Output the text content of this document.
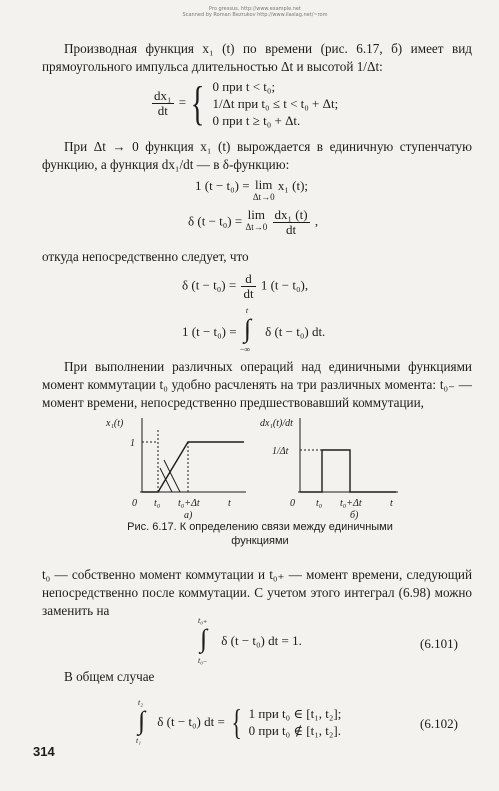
Pro gressus, http://www.example.net
Scanned by Roman Bezrukov http://www.ilaslag.net/~rom
Производная функция x₁ (t) по времени (рис. 6.17, б) имеет вид прямоугольного импульса длительностью Δt и высотой 1/Δt:
$\frac{\text{dx₁}}{dt}$ ={ 0 при t < t₀;
1/Δt при t₀ ≤ t < t₀ + Δt;
0 при t ≥ t₀ + Δt.
При Δt → 0 функция x₁ (t) вырождается в единичную ступенчатую функцию, а функция dx₁/dt — в δ-функцию:
1 (t − t₀) = lim
Δt→0
x₁ (t);
δ (t − t₀) = lim
Δt→0
$\frac{\text{dx₁ (t)}}{dt}$ ,
откуда непосредственно следует, что
δ $(t - t_0) = \frac{d}{dt} 1$ (t − t₀),
1 (t − t₀) =
t
∫
−∞
δ (t − t₀) dt.
При выполнении различных операций над единичными функциями момент коммутации t₀ удобно расчленять на три различных момента: t₀₋ — момент времени, непосредственно предшествовавший коммутации,
x₁(t)
1
0 t₀ t₀+Δt	t
а)
dx₁(t)/dt
1/Δt
0 t₀ t₀+Δt	t
б)
Рис. 6.17. К определению связи между единичными функциями
t₀ — собственно момент коммутации и t₀₊ — момент времени, следующий непосредственно после коммутации. С учетом этого интеграл (6.98) можно заменить на
t₀₊
∫
t₀₋
δ (t − t₀) dt = 1.	(6.101)
В общем случае
t₂
∫
t₁
δ (t − t₀) dt = { 1 при t₀ ∈ [t₁, t₂];
0 при t₀ ∉ [t₁, t₂].	(6.102)
314
